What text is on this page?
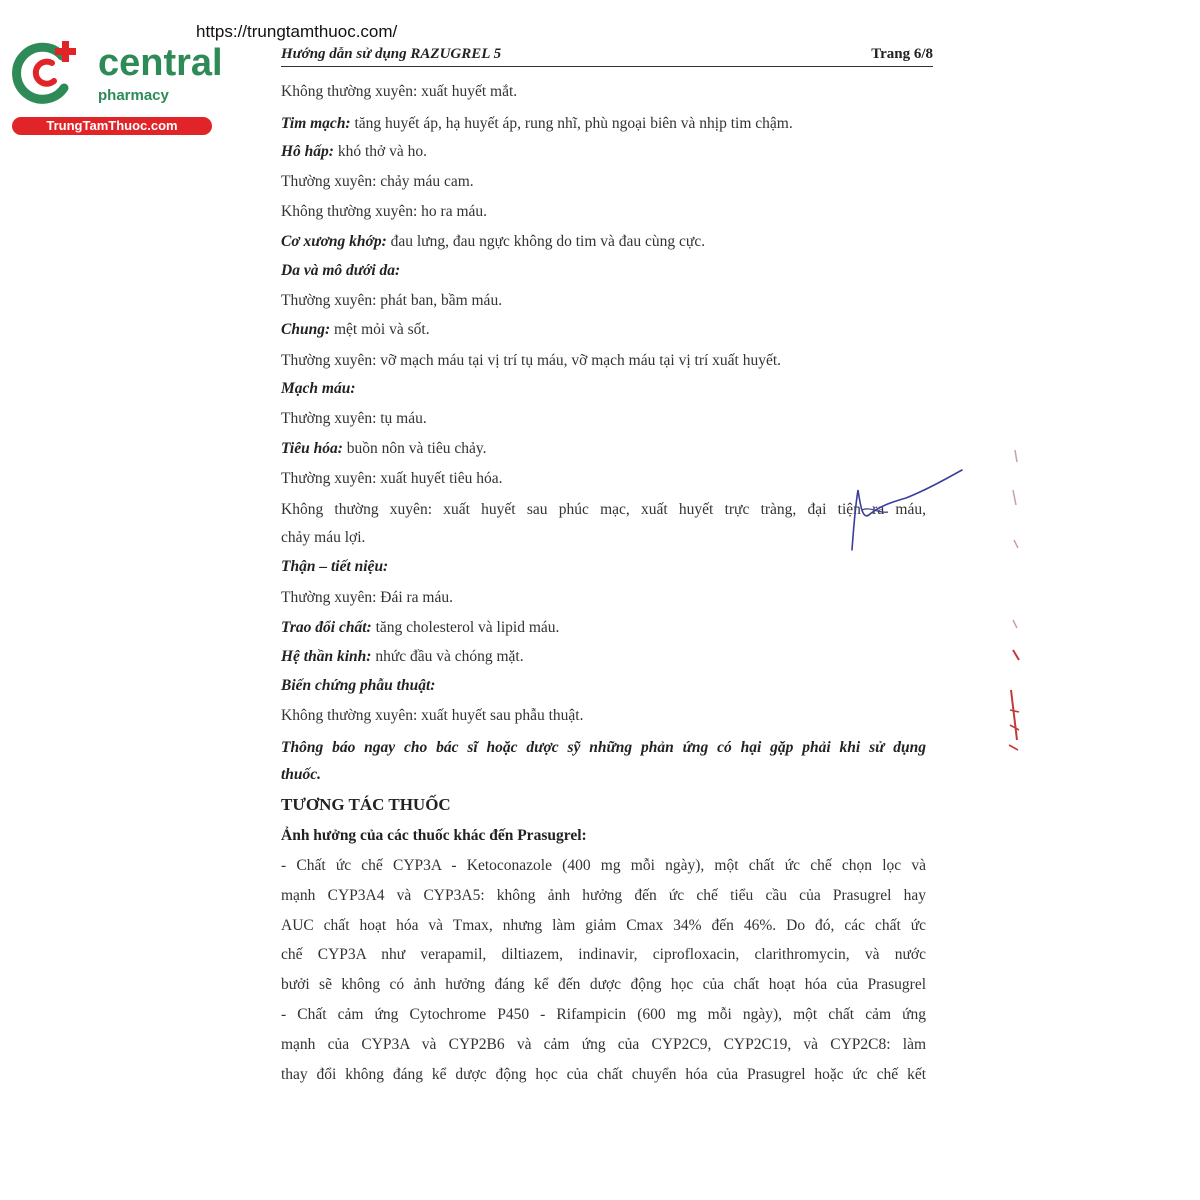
https://trungtamthuoc.com/
central
pharmacy
TrungTamThuoc.com
Hướng dẫn sử dụng RAZUGREL 5	Trang 6/8
Không thường xuyên: xuất huyết mắt.
Tim mạch: tăng huyết áp, hạ huyết áp, rung nhĩ, phù ngoại biên và nhịp tim chậm.
Hô hấp: khó thở và ho.
Thường xuyên: chảy máu cam.
Không thường xuyên: ho ra máu.
Cơ xương khớp: đau lưng, đau ngực không do tim và đau cùng cực.
Da và mô dưới da:
Thường xuyên: phát ban, bầm máu.
Chung: mệt mỏi và sốt.
Thường xuyên: vỡ mạch máu tại vị trí tụ máu, vỡ mạch máu tại vị trí xuất huyết.
Mạch máu:
Thường xuyên: tụ máu.
Tiêu hóa: buồn nôn và tiêu chảy.
Thường xuyên: xuất huyết tiêu hóa.
Không thường xuyên: xuất huyết sau phúc mạc, xuất huyết trực tràng, đại tiện ra máu,
chảy máu lợi.
Thận – tiết niệu:
Thường xuyên: Đái ra máu.
Trao đổi chất: tăng cholesterol và lipid máu.
Hệ thần kinh: nhức đầu và chóng mặt.
Biến chứng phẫu thuật:
Không thường xuyên: xuất huyết sau phẫu thuật.
Thông báo ngay cho bác sĩ hoặc dược sỹ những phản ứng có hại gặp phải khi sử dụng
thuốc.
TƯƠNG TÁC THUỐC
Ảnh hưởng của các thuốc khác đến Prasugrel:
- Chất ức chế CYP3A - Ketoconazole (400 mg mỗi ngày), một chất ức chế chọn lọc và
mạnh CYP3A4 và CYP3A5: không ảnh hưởng đến ức chế tiểu cầu của Prasugrel hay
AUC chất hoạt hóa và Tmax, nhưng làm giảm Cmax 34% đến 46%. Do đó, các chất ức
chế CYP3A như verapamil, diltiazem, indinavir, ciprofloxacin, clarithromycin, và nước
bưởi sẽ không có ảnh hưởng đáng kể đến dược động học của chất hoạt hóa của Prasugrel
- Chất cảm ứng Cytochrome P450 - Rifampicin (600 mg mỗi ngày), một chất cảm ứng
mạnh của CYP3A và CYP2B6 và cảm ứng của CYP2C9, CYP2C19, và CYP2C8: làm
thay đổi không đáng kể dược động học của chất chuyển hóa của Prasugrel hoặc ức chế kết
